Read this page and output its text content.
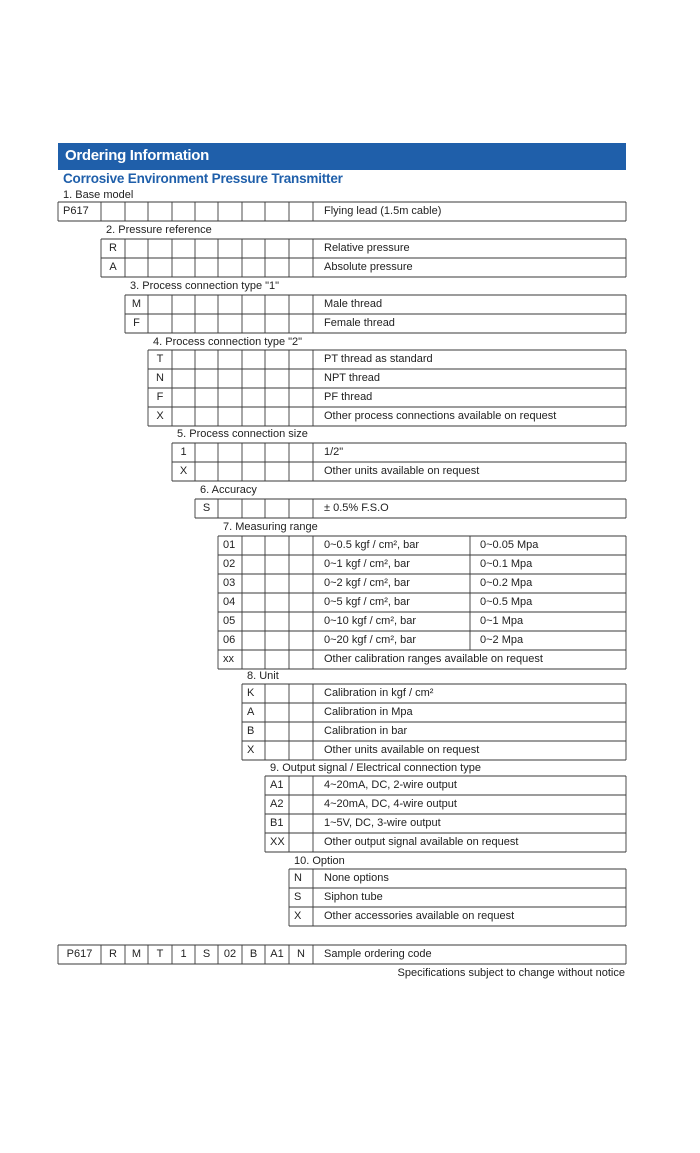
Ordering Information
Corrosive Environment Pressure Transmitter
1. Base model
P617	Flying lead (1.5m cable)
2. Pressure reference
R	Relative pressure
A	Absolute pressure
3. Process connection type "1"
M	Male thread
F	Female thread
4. Process connection type "2"
T	PT thread as standard
N	NPT thread
F	PF thread
X	Other process connections available on request
5. Process connection size
1	1/2"
X	Other units available on request
6. Accuracy
S	± 0.5% F.S.O
7. Measuring range
01	0~0.5 kgf / cm², bar	0~0.05 Mpa
02	0~1 kgf / cm², bar	0~0.1 Mpa
03	0~2 kgf / cm², bar	0~0.2 Mpa
04	0~5 kgf / cm², bar	0~0.5 Mpa
05	0~10 kgf / cm², bar	0~1 Mpa
06	0~20 kgf / cm², bar	0~2 Mpa
xx	Other calibration ranges available on request
8. Unit
K	Calibration in kgf / cm²
A	Calibration in Mpa
B	Calibration in bar
X	Other units available on request
9. Output signal / Electrical connection type
A1	4~20mA, DC, 2-wire output
A2	4~20mA, DC, 4-wire output
B1	1~5V, DC, 3-wire output
XX	Other output signal available on request
10. Option
N None options
S Siphon tube
X Other accessories available on request
P617	R	M	T	1	S	02	B	A1	N	Sample ordering code
Specifications subject to change without notice
